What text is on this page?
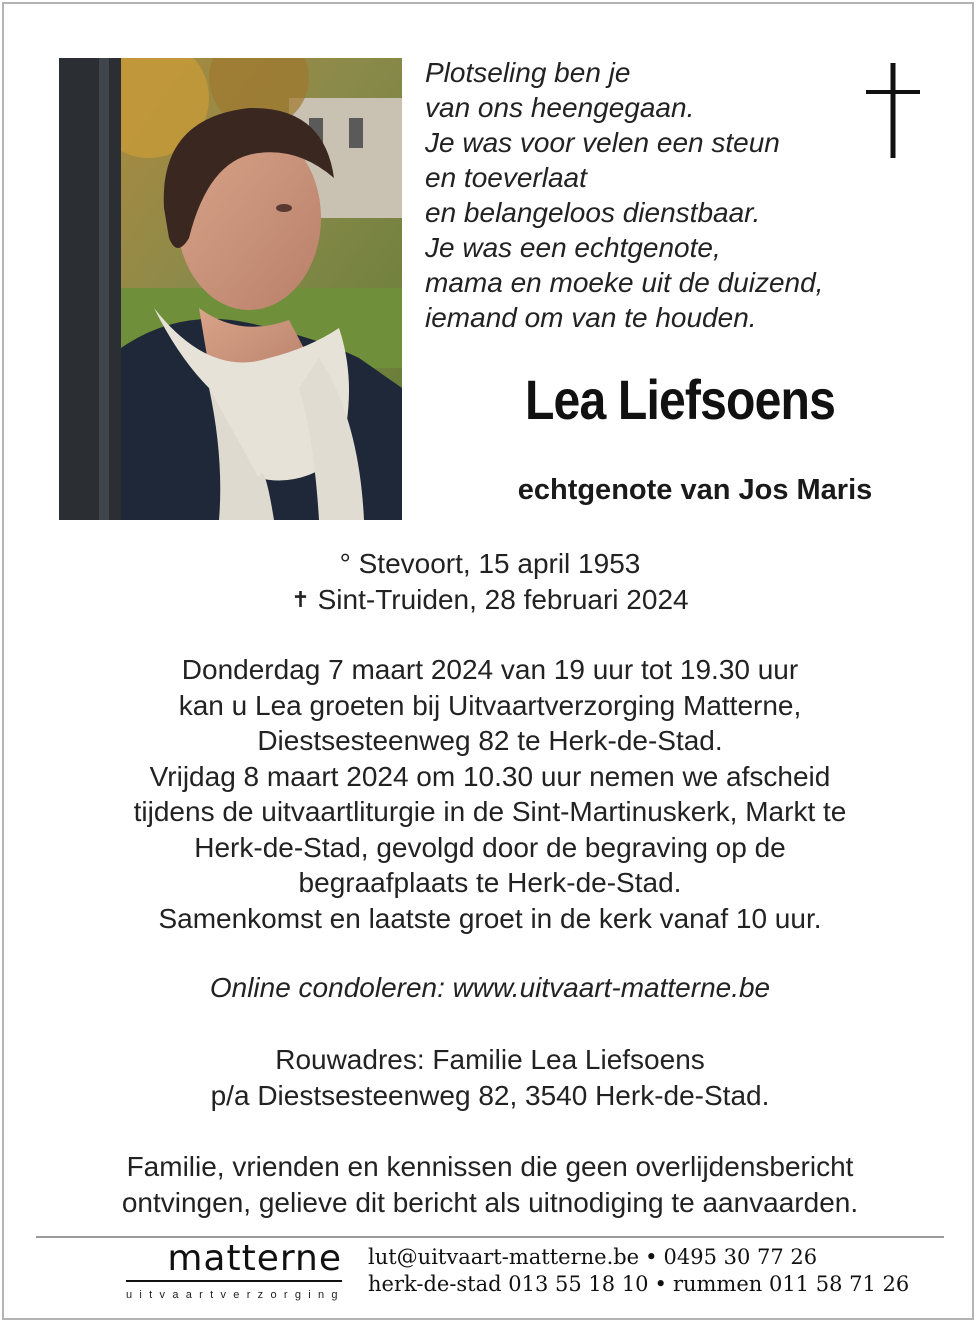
Plotseling ben je
van ons heengegaan.
Je was voor velen een steun
en toeverlaat
en belangeloos dienstbaar.
Je was een echtgenote,
mama en moeke uit de duizend,
iemand om van te houden.
Lea Liefsoens
echtgenote van Jos Maris
° Stevoort, 15 april 1953
✝ Sint-Truiden, 28 februari 2024
Donderdag 7 maart 2024 van 19 uur tot 19.30 uur
kan u Lea groeten bij Uitvaartverzorging Matterne,
Diestsesteenweg 82 te Herk-de-Stad.
Vrijdag 8 maart 2024 om 10.30 uur nemen we afscheid
tijdens de uitvaartliturgie in de Sint-Martinuskerk, Markt te
Herk-de-Stad, gevolgd door de begraving op de
begraafplaats te Herk-de-Stad.
Samenkomst en laatste groet in de kerk vanaf 10 uur.
Online condoleren: www.uitvaart-matterne.be
Rouwadres: Familie Lea Liefsoens
p/a Diestsesteenweg 82, 3540 Herk-de-Stad.
Familie, vrienden en kennissen die geen overlijdensbericht
ontvingen, gelieve dit bericht als uitnodiging te aanvaarden.
matterne
uitvaartverzorging
lut@uitvaart-matterne.be • 0495 30 77 26
herk-de-stad 013 55 18 10 • rummen 011 58 71 26
